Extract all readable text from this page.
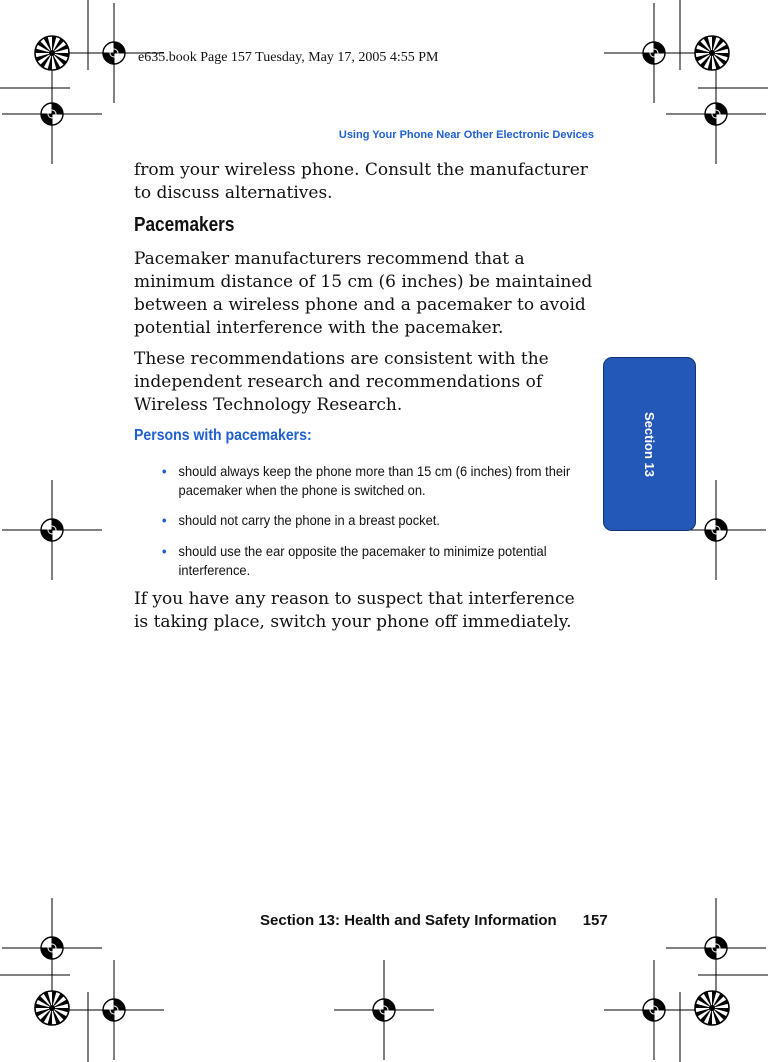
e635.book Page 157 Tuesday, May 17, 2005 4:55 PM
Using Your Phone Near Other Electronic Devices
from your wireless phone. Consult the manufacturer to discuss alternatives.
Pacemakers
Pacemaker manufacturers recommend that a minimum distance of 15 cm (6 inches) be maintained between a wireless phone and a pacemaker to avoid potential interference with the pacemaker.
These recommendations are consistent with the independent research and recommendations of Wireless Technology Research.
Persons with pacemakers:
• should always keep the phone more than 15 cm (6 inches) from their pacemaker when the phone is switched on.
• should not carry the phone in a breast pocket.
• should use the ear opposite the pacemaker to minimize potential interference.
If you have any reason to suspect that interference is taking place, switch your phone off immediately.
Section 13
Section 13: Health and Safety Information 157
